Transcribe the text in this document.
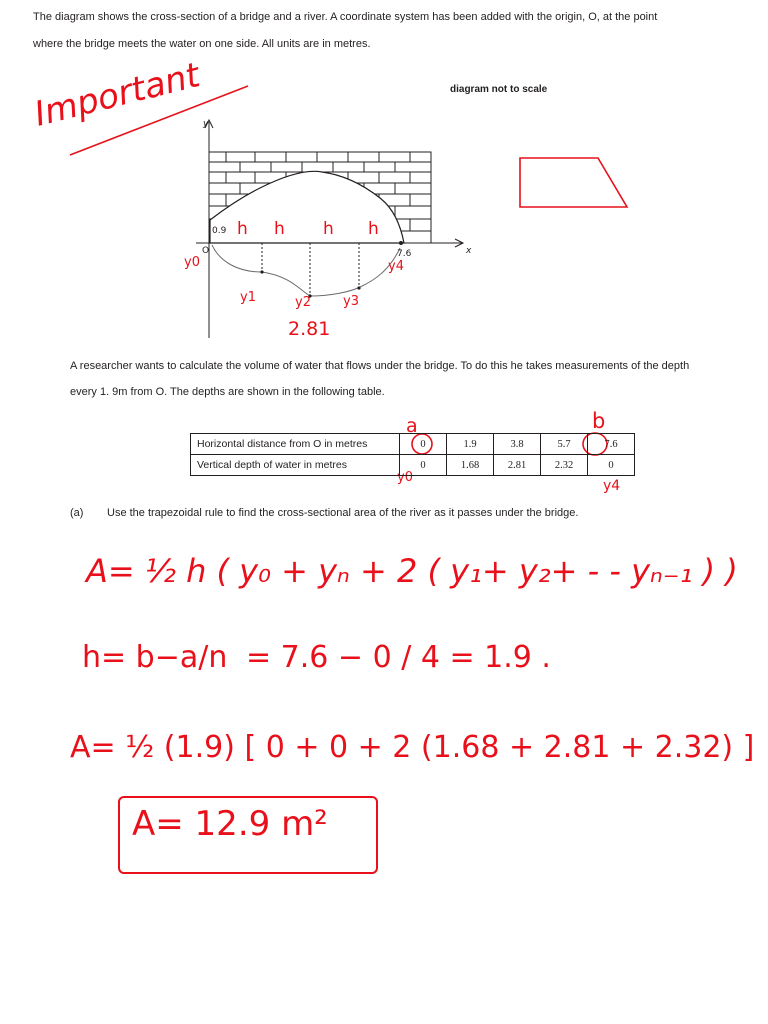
The diagram shows the cross-section of a bridge and a river. A coordinate system has been added with the origin, O, at the point
where the bridge meets the water on one side. All units are in metres.
diagram not to scale
y
x
O
0.9
7.6
Important
h h h h
y0
y1	y2 y3
y4
2.81
a	b
y0
y4
A researcher wants to calculate the volume of water that flows under the bridge. To do this he takes measurements of the depth
every 1. 9m from O. The depths are shown in the following table.
Horizontal distance from O in metres	0	1.9	3.8	5.7	7.6
Vertical depth of water in metres	0	1.68	2.81	2.32	0
(a) Use the trapezoidal rule to find the cross-sectional area of the river as it passes under the bridge.
A= ½ h ( y₀ + yₙ + 2 ( y₁+ y₂+ - - yₙ₋₁ ) )
h= b−a/n = 7.6 − 0 / 4 = 1.9 .
A= ½ (1.9) [ 0 + 0 + 2 (1.68 + 2.81 + 2.32) ]
A= 12.9 m²
